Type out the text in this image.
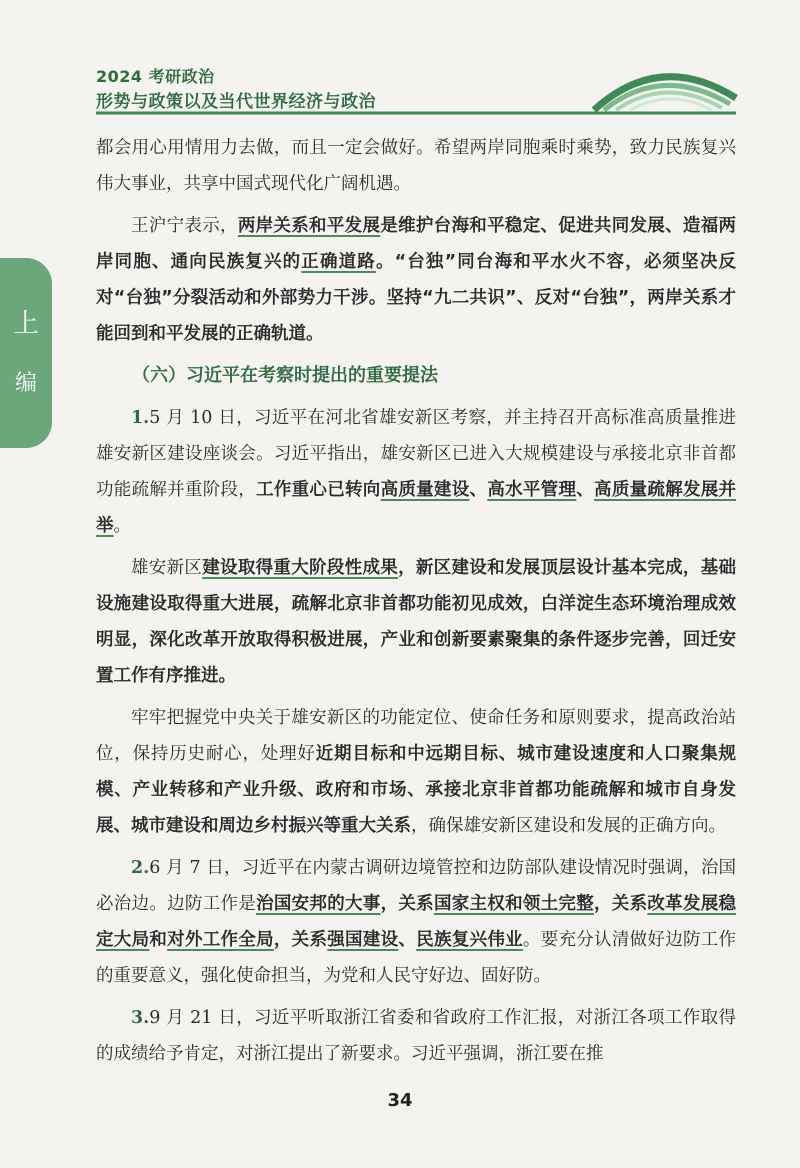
2024 考研政治
形势与政策以及当代世界经济与政治
上
编

都会用心用情用力去做，而且一定会做好。希望两岸同胞乘时乘势，致力民族复兴伟大事业，共享中国式现代化广阔机遇。

王沪宁表示，两岸关系和平发展是维护台海和平稳定、促进共同发展、造福两岸同胞、通向民族复兴的正确道路。“台独”同台海和平水火不容，必须坚决反对“台独”分裂活动和外部势力干涉。坚持“九二共识”、反对“台独”，两岸关系才能回到和平发展的正确轨道。

（六）习近平在考察时提出的重要提法

1.5 月 10 日，习近平在河北省雄安新区考察，并主持召开高标准高质量推进雄安新区建设座谈会。习近平指出，雄安新区已进入大规模建设与承接北京非首都功能疏解并重阶段，工作重心已转向高质量建设、高水平管理、高质量疏解发展并举。

雄安新区建设取得重大阶段性成果，新区建设和发展顶层设计基本完成，基础设施建设取得重大进展，疏解北京非首都功能初见成效，白洋淀生态环境治理成效明显，深化改革开放取得积极进展，产业和创新要素聚集的条件逐步完善，回迁安置工作有序推进。

牢牢把握党中央关于雄安新区的功能定位、使命任务和原则要求，提高政治站位，保持历史耐心，处理好近期目标和中远期目标、城市建设速度和人口聚集规模、产业转移和产业升级、政府和市场、承接北京非首都功能疏解和城市自身发展、城市建设和周边乡村振兴等重大关系，确保雄安新区建设和发展的正确方向。

2.6 月 7 日，习近平在内蒙古调研边境管控和边防部队建设情况时强调，治国必治边。边防工作是治国安邦的大事，关系国家主权和领土完整，关系改革发展稳定大局和对外工作全局，关系强国建设、民族复兴伟业。要充分认清做好边防工作的重要意义，强化使命担当，为党和人民守好边、固好防。

3.9 月 21 日，习近平听取浙江省委和省政府工作汇报，对浙江各项工作取得的成绩给予肯定，对浙江提出了新要求。习近平强调，浙江要在推

34
